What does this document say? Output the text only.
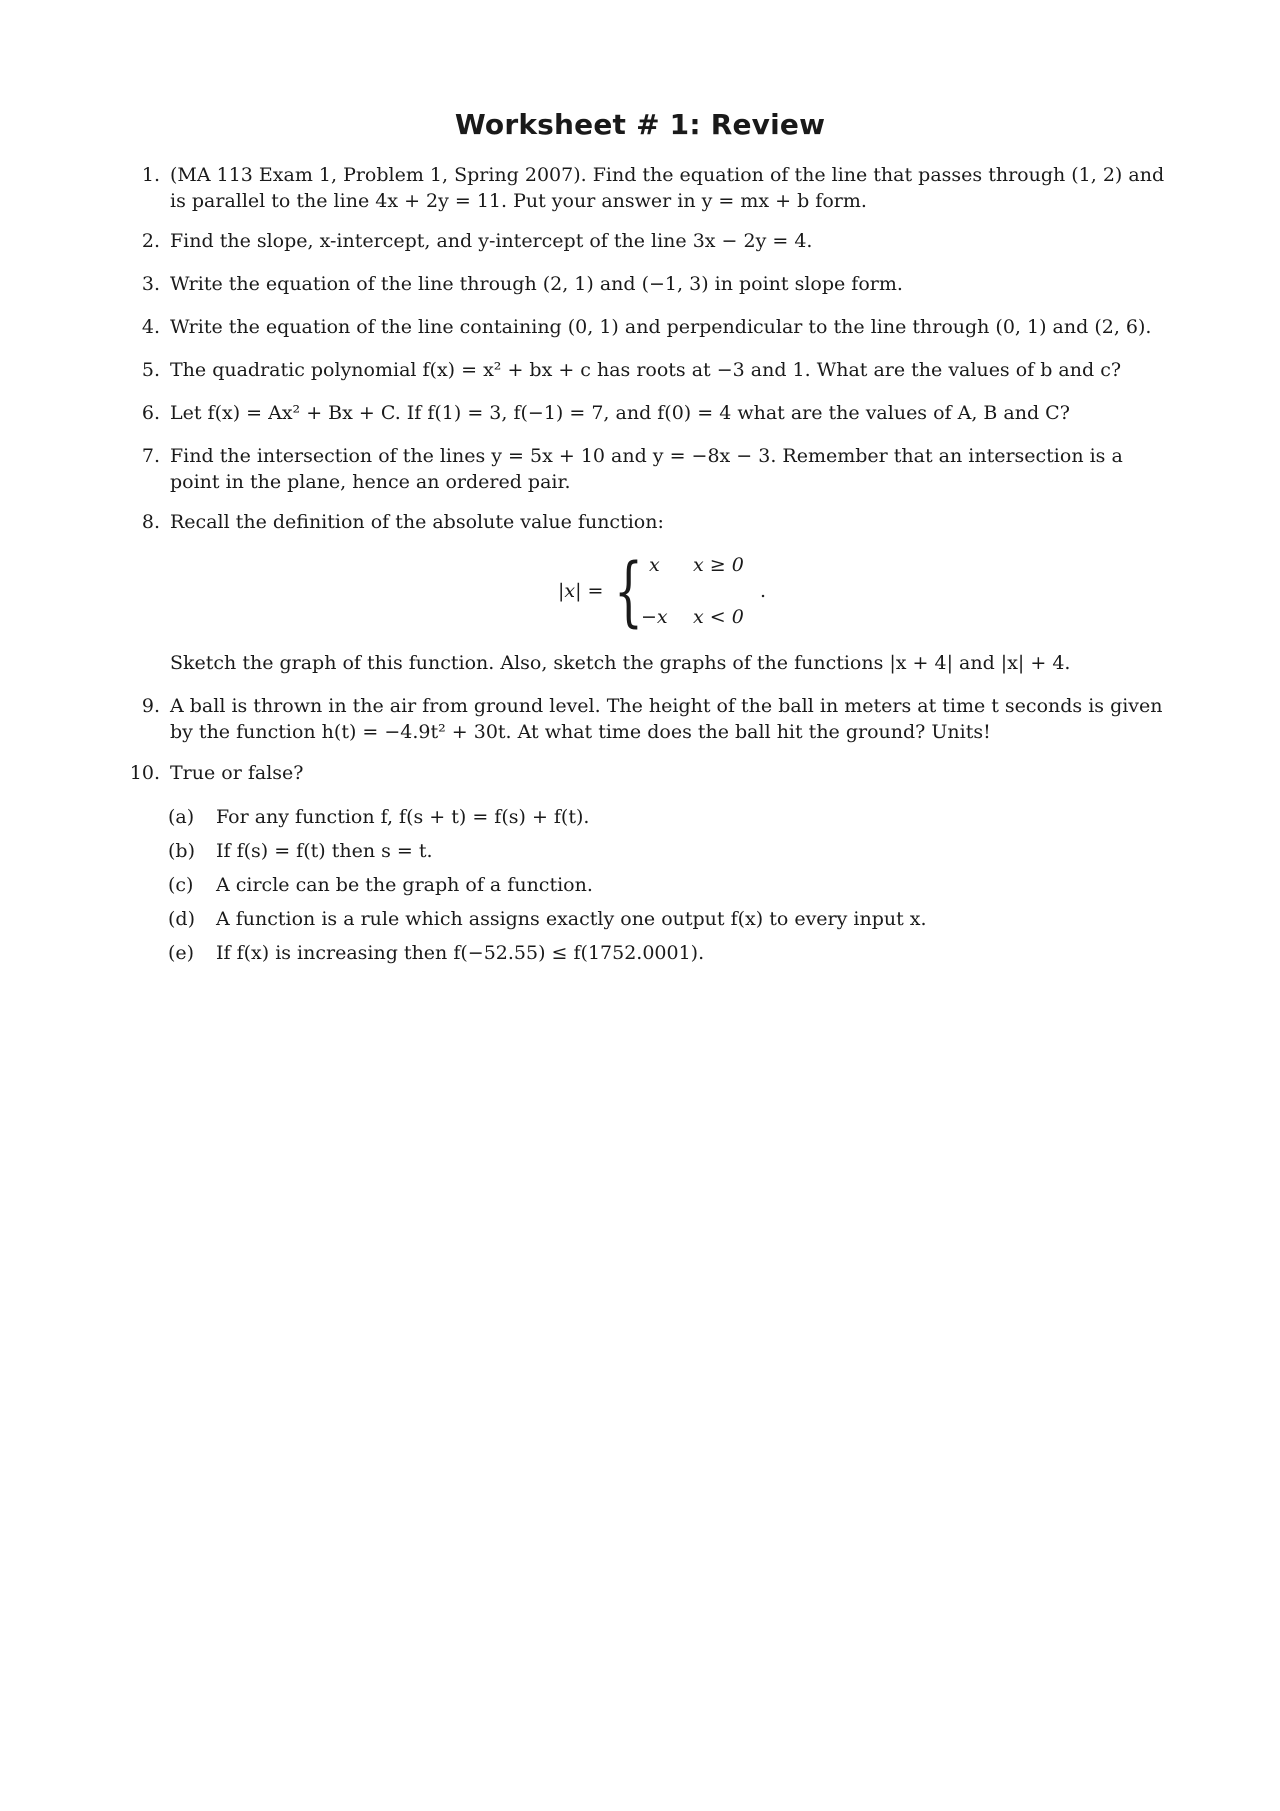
Worksheet # 1: Review
1. (MA 113 Exam 1, Problem 1, Spring 2007). Find the equation of the line that passes through (1, 2) and is parallel to the line 4x + 2y = 11. Put your answer in y = mx + b form.
2. Find the slope, x-intercept, and y-intercept of the line 3x − 2y = 4.
3. Write the equation of the line through (2, 1) and (−1, 3) in point slope form.
4. Write the equation of the line containing (0, 1) and perpendicular to the line through (0, 1) and (2, 6).
5. The quadratic polynomial f(x) = x² + bx + c has roots at −3 and 1. What are the values of b and c?
6. Let f(x) = Ax² + Bx + C. If f(1) = 3, f(−1) = 7, and f(0) = 4 what are the values of A, B and C?
7. Find the intersection of the lines y = 5x + 10 and y = −8x − 3. Remember that an intersection is a point in the plane, hence an ordered pair.
8. Recall the definition of the absolute value function:
|x| = { x x ≥ 0
−x x < 0
.
Sketch the graph of this function. Also, sketch the graphs of the functions |x + 4| and |x| + 4.
9. A ball is thrown in the air from ground level. The height of the ball in meters at time t seconds is given by the function h(t) = −4.9t² + 30t. At what time does the ball hit the ground? Units!
10. True or false?
(a) For any function f, f(s + t) = f(s) + f(t).
(b) If f(s) = f(t) then s = t.
(c) A circle can be the graph of a function.
(d) A function is a rule which assigns exactly one output f(x) to every input x.
(e) If f(x) is increasing then f(−52.55) ≤ f(1752.0001).
